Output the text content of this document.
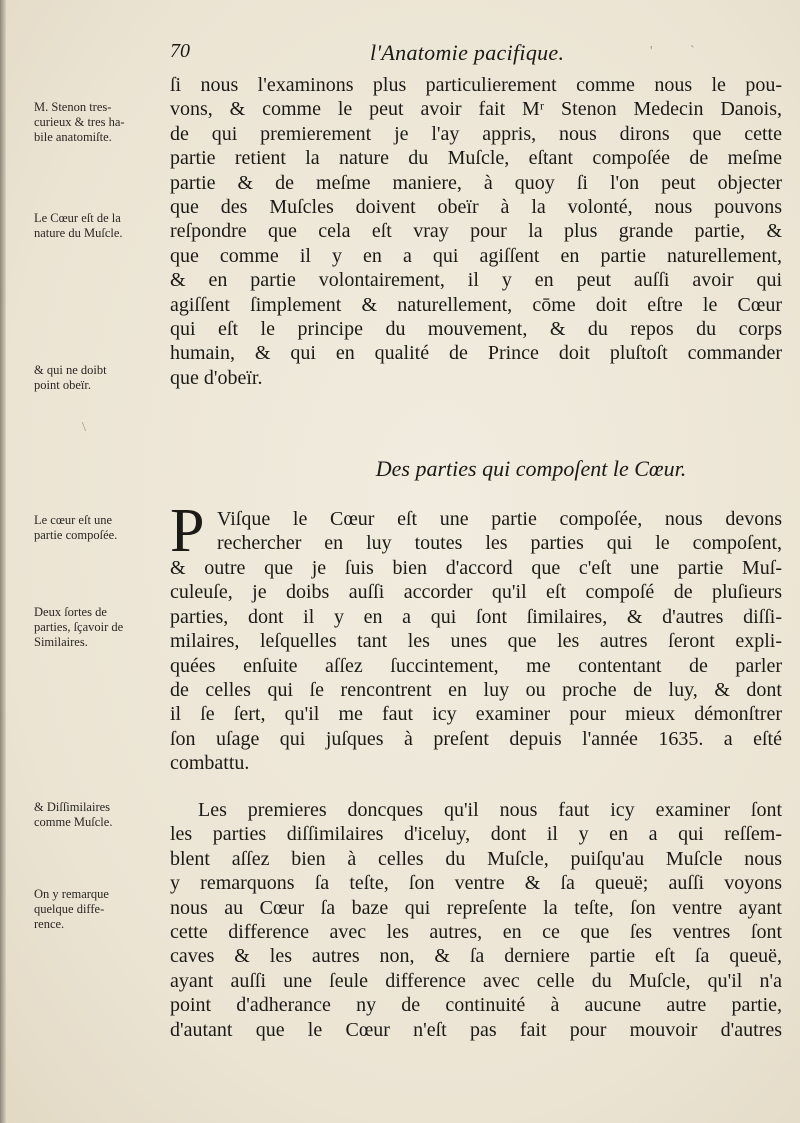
70	l'Anatomie pacifique.
ſi nous l'examinons plus particulierement comme nous le pou-
vons, & comme le peut avoir fait Mʳ Stenon Medecin Danois,
de qui premierement je l'ay appris, nous dirons que cette
partie retient la nature du Muſcle, eſtant compoſée de meſme
partie & de meſme maniere, à quoy ſi l'on peut objecter
que des Muſcles doivent obeïr à la volonté, nous pouvons
reſpondre que cela eſt vray pour la plus grande partie, &
que comme il y en a qui agiſſent en partie naturellement,
& en partie volontairement, il y en peut auſſi avoir qui
agiſſent ſimplement & naturellement, cōme doit eſtre le Cœur
qui eſt le principe du mouvement, & du repos du corps
humain, & qui en qualité de Prince doit pluſtoſt commander
que d'obeïr.
Des parties qui compoſent le Cœur.
P Viſque le Cœur eſt une partie compoſée, nous devons
rechercher en luy toutes les parties qui le compoſent,
& outre que je ſuis bien d'accord que c'eſt une partie Muſ-
culeuſe, je doibs auſſi accorder qu'il eſt compoſé de pluſieurs
parties, dont il y en a qui ſont ſimilaires, & d'autres diſſi-
milaires, leſquelles tant les unes que les autres ſeront expli-
quées enſuite aſſez ſuccintement, me contentant de parler
de celles qui ſe rencontrent en luy ou proche de luy, & dont
il ſe ſert, qu'il me faut icy examiner pour mieux démonſtrer
ſon uſage qui juſques à preſent depuis l'année 1635. a eſté
combattu.
Les premieres doncques qu'il nous faut icy examiner ſont
les parties diſſimilaires d'iceluy, dont il y en a qui reſſem-
blent aſſez bien à celles du Muſcle, puiſqu'au Muſcle nous
y remarquons ſa teſte, ſon ventre & ſa queuë; auſſi voyons
nous au Cœur ſa baze qui repreſente la teſte, ſon ventre ayant
cette difference avec les autres, en ce que ſes ventres ſont
caves & les autres non, & ſa derniere partie eſt ſa queuë,
ayant auſſi une ſeule difference avec celle du Muſcle, qu'il n'a
point d'adherance ny de continuité à aucune autre partie,
d'autant que le Cœur n'eſt pas fait pour mouvoir d'autres
M. Stenon tres-
curieux & tres ha-
bile anatomiſte.
Le Cœur eſt de la
nature du Muſcle.
& qui ne doibt
point obeïr.
Le cœur eſt une
partie compoſée.
Deux ſortes de
parties, ſçavoir de
Similaires.
& Diſſimilaires
comme Muſcle.
On y remarque
quelque diffe-
rence.
'	`
\
